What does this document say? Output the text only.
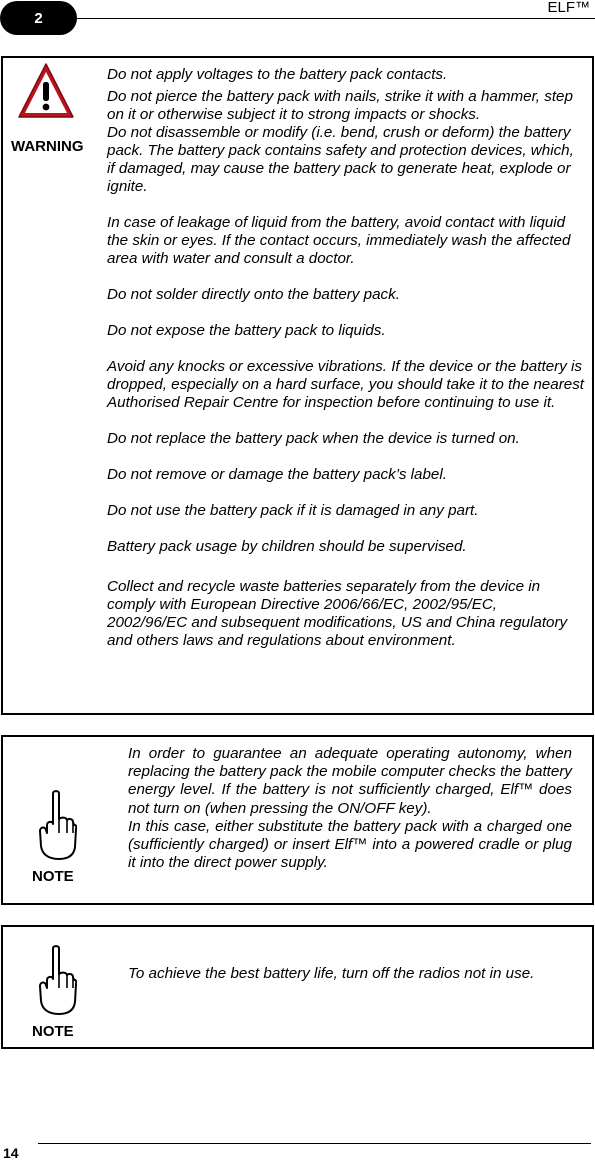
2
ELF™
WARNING

Do not apply voltages to the battery pack contacts.

Do not pierce the battery pack with nails, strike it with a hammer, step on it or otherwise subject it to strong impacts or shocks.

Do not disassemble or modify (i.e. bend, crush or deform) the battery pack. The battery pack contains safety and protection devices, which, if damaged, may cause the battery pack to generate heat, explode or ignite.

In case of leakage of liquid from the battery, avoid contact with liquid the skin or eyes. If the contact occurs, immediately wash the affected area with water and consult a doctor.

Do not solder directly onto the battery pack.

Do not expose the battery pack to liquids.

Avoid any knocks or excessive vibrations. If the device or the battery is dropped, especially on a hard surface, you should take it to the nearest Authorised Repair Centre for inspection before continuing to use it.

Do not replace the battery pack when the device is turned on.

Do not remove or damage the battery pack’s label.

Do not use the battery pack if it is damaged in any part.

Battery pack usage by children should be supervised.

Collect and recycle waste batteries separately from the device in comply with European Directive 2006/66/EC, 2002/95/EC, 2002/96/EC and subsequent modifications, US and China regulatory and others laws and regulations about environment.

NOTE

In order to guarantee an adequate operating autonomy, when replacing the battery pack the mobile computer checks the battery energy level. If the battery is not sufficiently charged, Elf™ does not turn on (when pressing the ON/OFF key).

In this case, either substitute the battery pack with a charged one (sufficiently charged) or insert Elf™ into a powered cradle or plug it into the direct power supply.

NOTE

To achieve the best battery life, turn off the radios not in use.

14
